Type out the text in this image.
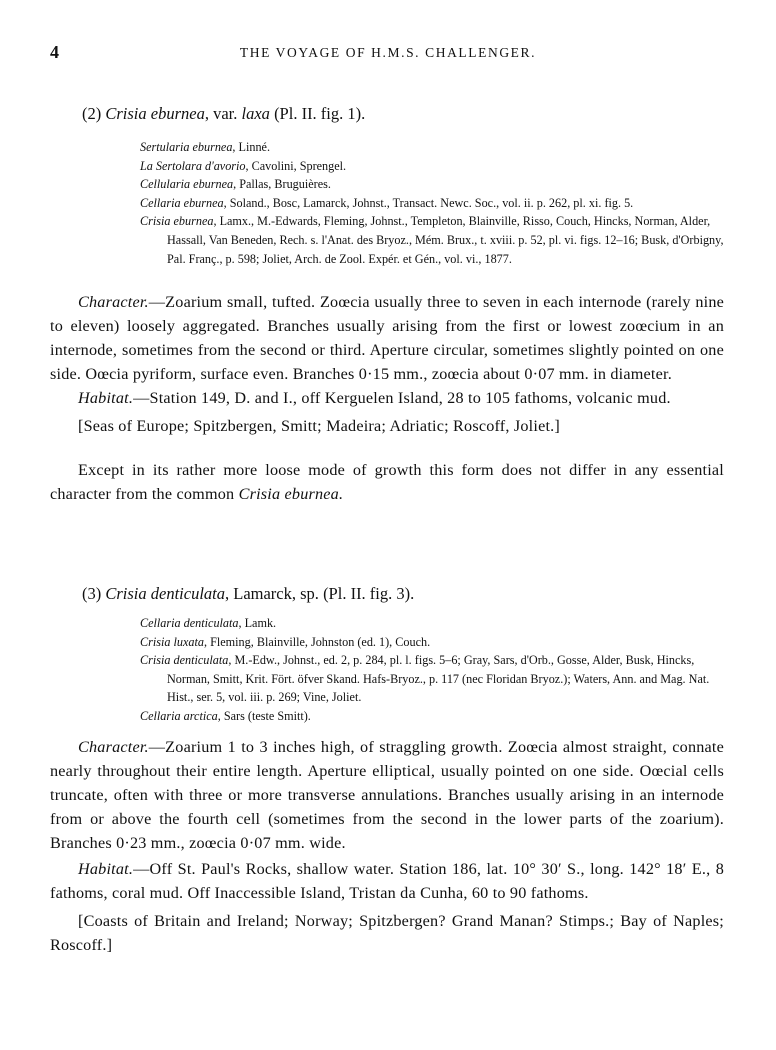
4	THE VOYAGE OF H.M.S. CHALLENGER.
(2) Crisia eburnea, var. laxa (Pl. II. fig. 1).

Sertularia eburnea, Linné.

La Sertolara d'avorio, Cavolini, Sprengel.

Cellularia eburnea, Pallas, Bruguières.

Cellaria eburnea, Soland., Bosc, Lamarck, Johnst., Transact. Newc. Soc., vol. ii. p. 262, pl. xi. fig. 5.

Crisia eburnea, Lamx., M.-Edwards, Fleming, Johnst., Templeton, Blainville, Risso, Couch, Hincks, Norman, Alder, Hassall, Van Beneden, Rech. s. l'Anat. des Bryoz., Mém. Brux., t. xviii. p. 52, pl. vi. figs. 12–16; Busk, d'Orbigny, Pal. Franç., p. 598; Joliet, Arch. de Zool. Expér. et Gén., vol. vi., 1877.

Character.—Zoarium small, tufted. Zoœcia usually three to seven in each internode (rarely nine to eleven) loosely aggregated. Branches usually arising from the first or lowest zoœcium in an internode, sometimes from the second or third. Aperture circular, sometimes slightly pointed on one side. Oœcia pyriform, surface even. Branches 0·15 mm., zoœcia about 0·07 mm. in diameter.

Habitat.—Station 149, D. and I., off Kerguelen Island, 28 to 105 fathoms, volcanic mud.

[Seas of Europe; Spitzbergen, Smitt; Madeira; Adriatic; Roscoff, Joliet.]

Except in its rather more loose mode of growth this form does not differ in any essential character from the common Crisia eburnea.

(3) Crisia denticulata, Lamarck, sp. (Pl. II. fig. 3).

Cellaria denticulata, Lamk.

Crisia luxata, Fleming, Blainville, Johnston (ed. 1), Couch.

Crisia denticulata, M.-Edw., Johnst., ed. 2, p. 284, pl. l. figs. 5–6; Gray, Sars, d'Orb., Gosse, Alder, Busk, Hincks, Norman, Smitt, Krit. Fört. öfver Skand. Hafs-Bryoz., p. 117 (nec Floridan Bryoz.); Waters, Ann. and Mag. Nat. Hist., ser. 5, vol. iii. p. 269; Vine, Joliet.

Cellaria arctica, Sars (teste Smitt).

Character.—Zoarium 1 to 3 inches high, of straggling growth. Zoœcia almost straight, connate nearly throughout their entire length. Aperture elliptical, usually pointed on one side. Oœcial cells truncate, often with three or more transverse annulations. Branches usually arising in an internode from or above the fourth cell (sometimes from the second in the lower parts of the zoarium). Branches 0·23 mm., zoœcia 0·07 mm. wide.

Habitat.—Off St. Paul's Rocks, shallow water. Station 186, lat. 10° 30′ S., long. 142° 18′ E., 8 fathoms, coral mud. Off Inaccessible Island, Tristan da Cunha, 60 to 90 fathoms.

[Coasts of Britain and Ireland; Norway; Spitzbergen? Grand Manan? Stimps.; Bay of Naples; Roscoff.]
